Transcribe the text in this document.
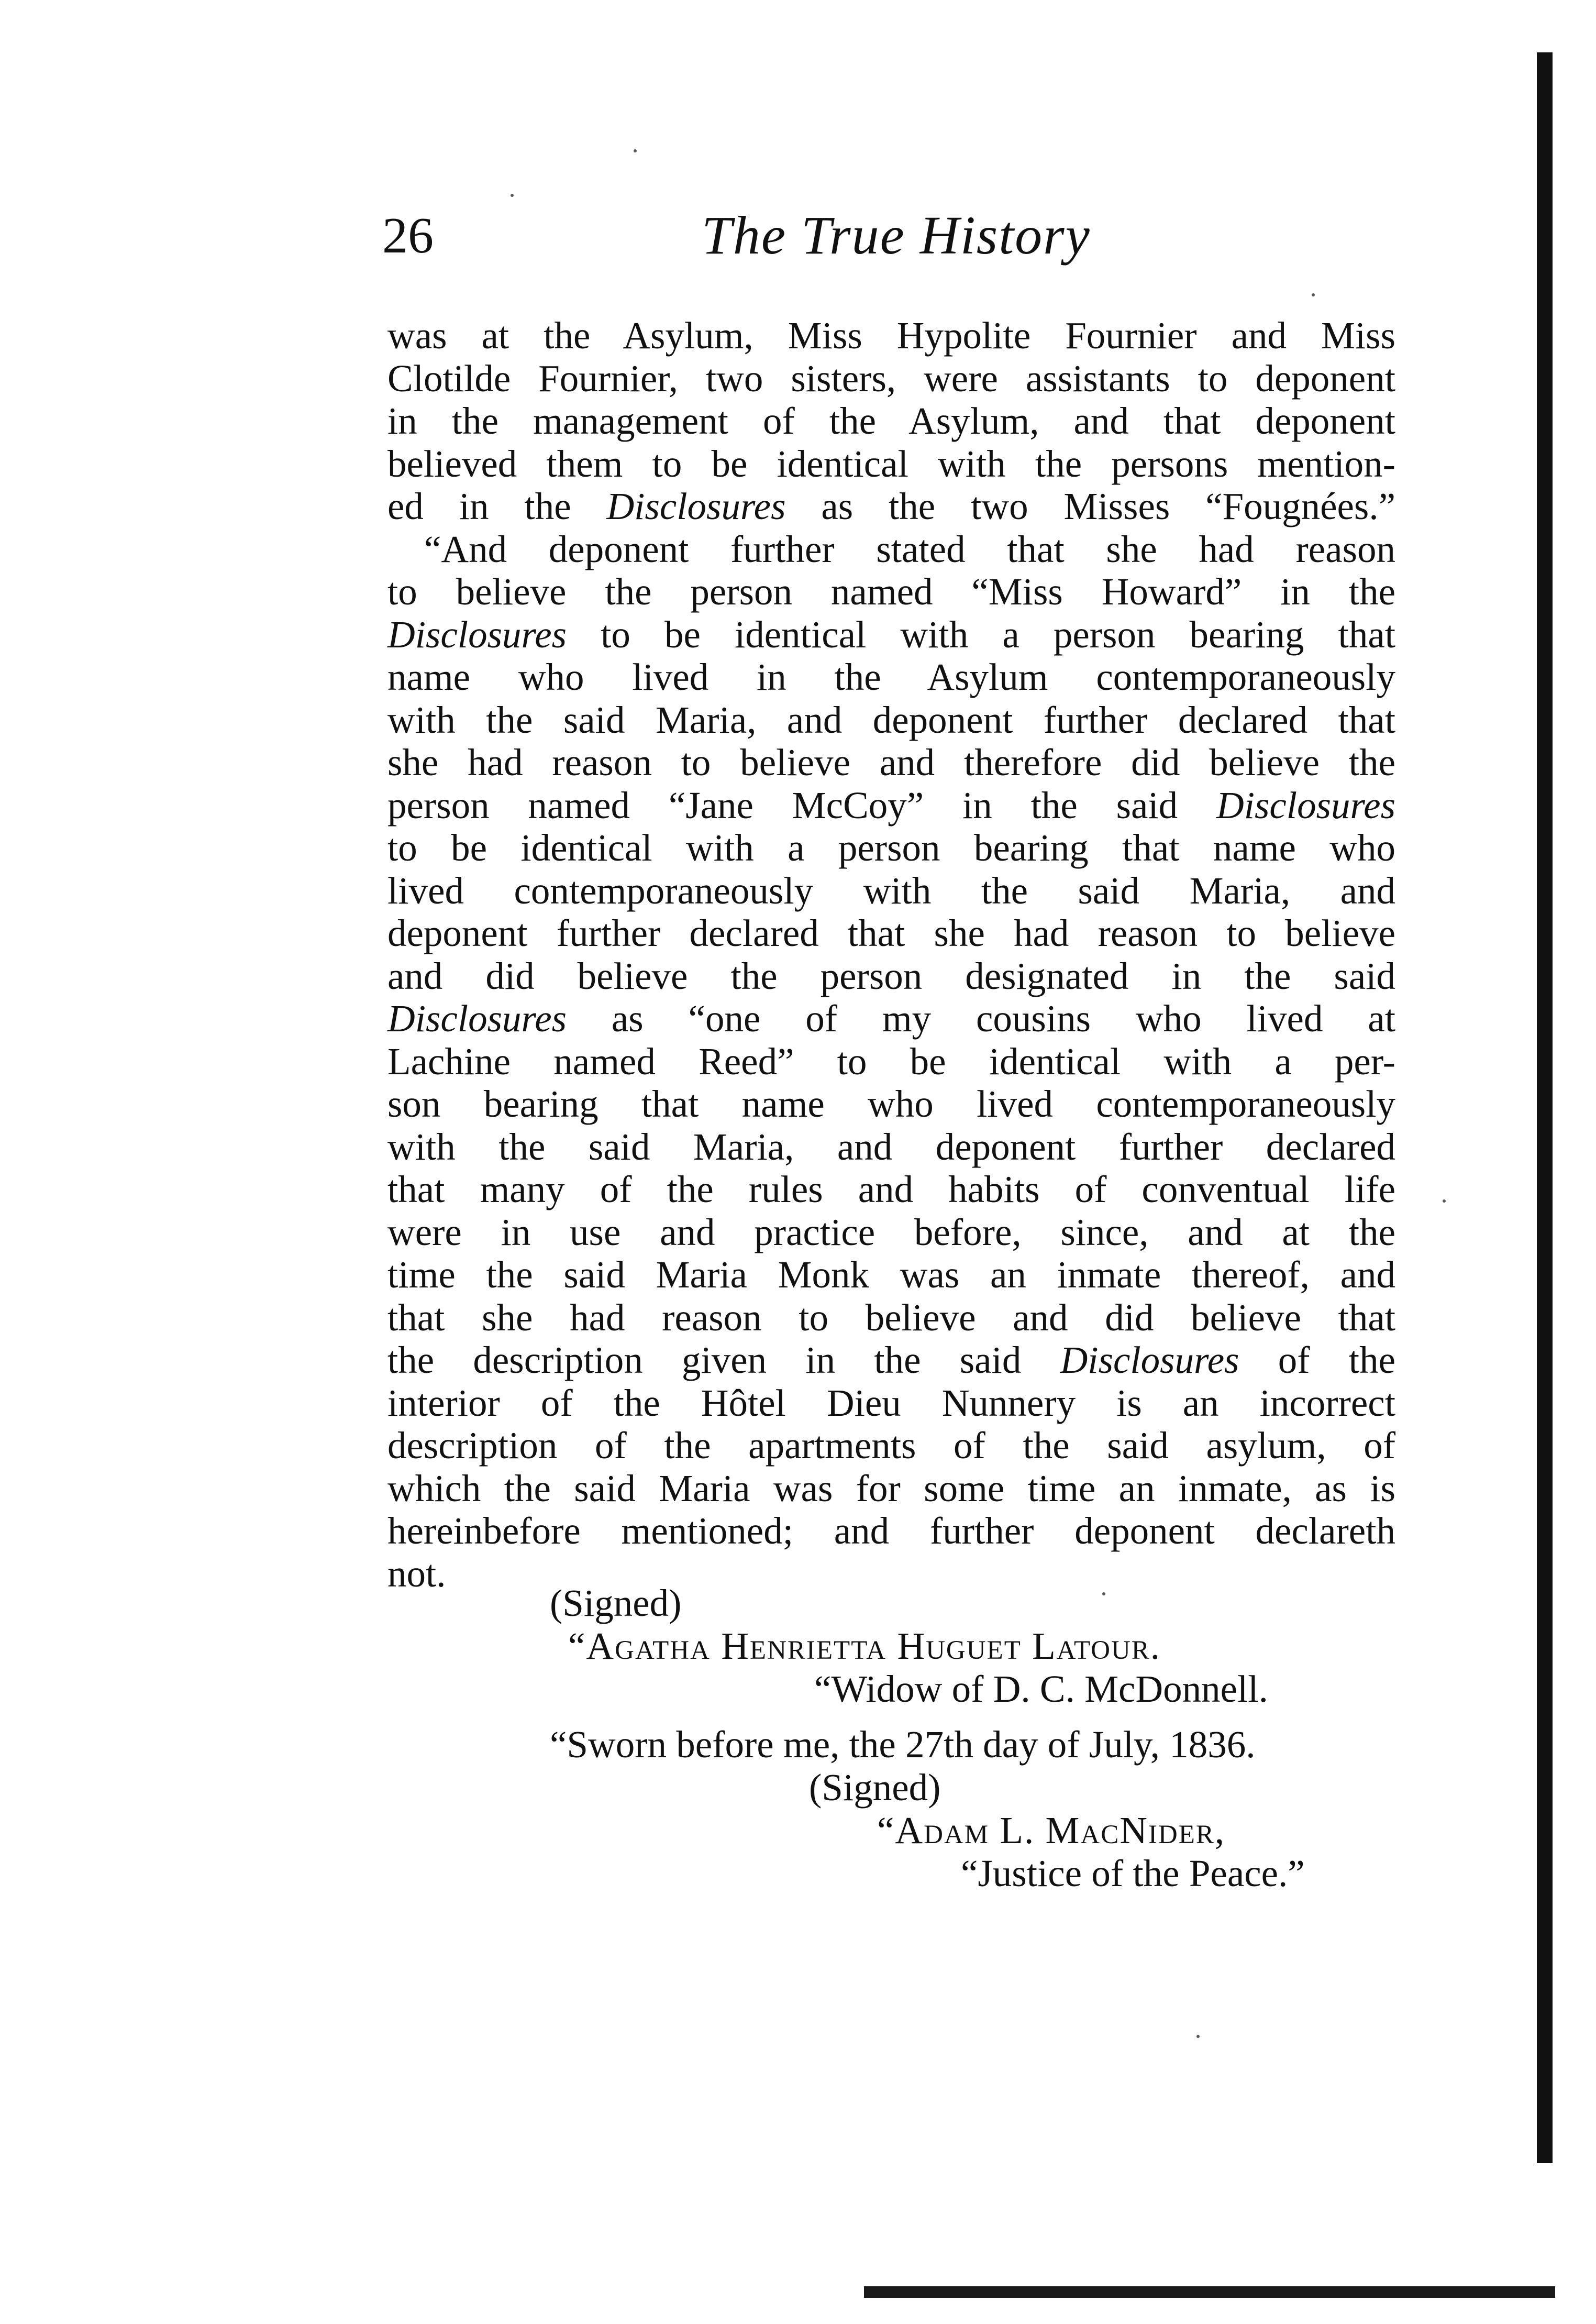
26	The True History
was at the Asylum, Miss Hypolite Fournier and Miss
Clotilde Fournier, two sisters, were assistants to deponent
in the management of the Asylum, and that deponent
believed them to be identical with the persons mention-
ed in the Disclosures as the two Misses “Fougnées.”
“And deponent further stated that she had reason
to believe the person named “Miss Howard” in the
Disclosures to be identical with a person bearing that
name who lived in the Asylum contemporaneously
with the said Maria, and deponent further declared that
she had reason to believe and therefore did believe the
person named “Jane McCoy” in the said Disclosures
to be identical with a person bearing that name who
lived contemporaneously with the said Maria, and
deponent further declared that she had reason to believe
and did believe the person designated in the said
Disclosures as “one of my cousins who lived at
Lachine named Reed” to be identical with a per-
son bearing that name who lived contemporaneously
with the said Maria, and deponent further declared
that many of the rules and habits of conventual life
were in use and practice before, since, and at the
time the said Maria Monk was an inmate thereof, and
that she had reason to believe and did believe that
the description given in the said Disclosures of the
interior of the Hôtel Dieu Nunnery is an incorrect
description of the apartments of the said asylum, of
which the said Maria was for some time an inmate, as is
hereinbefore mentioned; and further deponent declareth
not.
(Signed)
“Agatha Henrietta Huguet Latour.
“Widow of D. C. McDonnell.
“Sworn before me, the 27th day of July, 1836.
(Signed)
“Adam L. MacNider,
“Justice of the Peace.”
